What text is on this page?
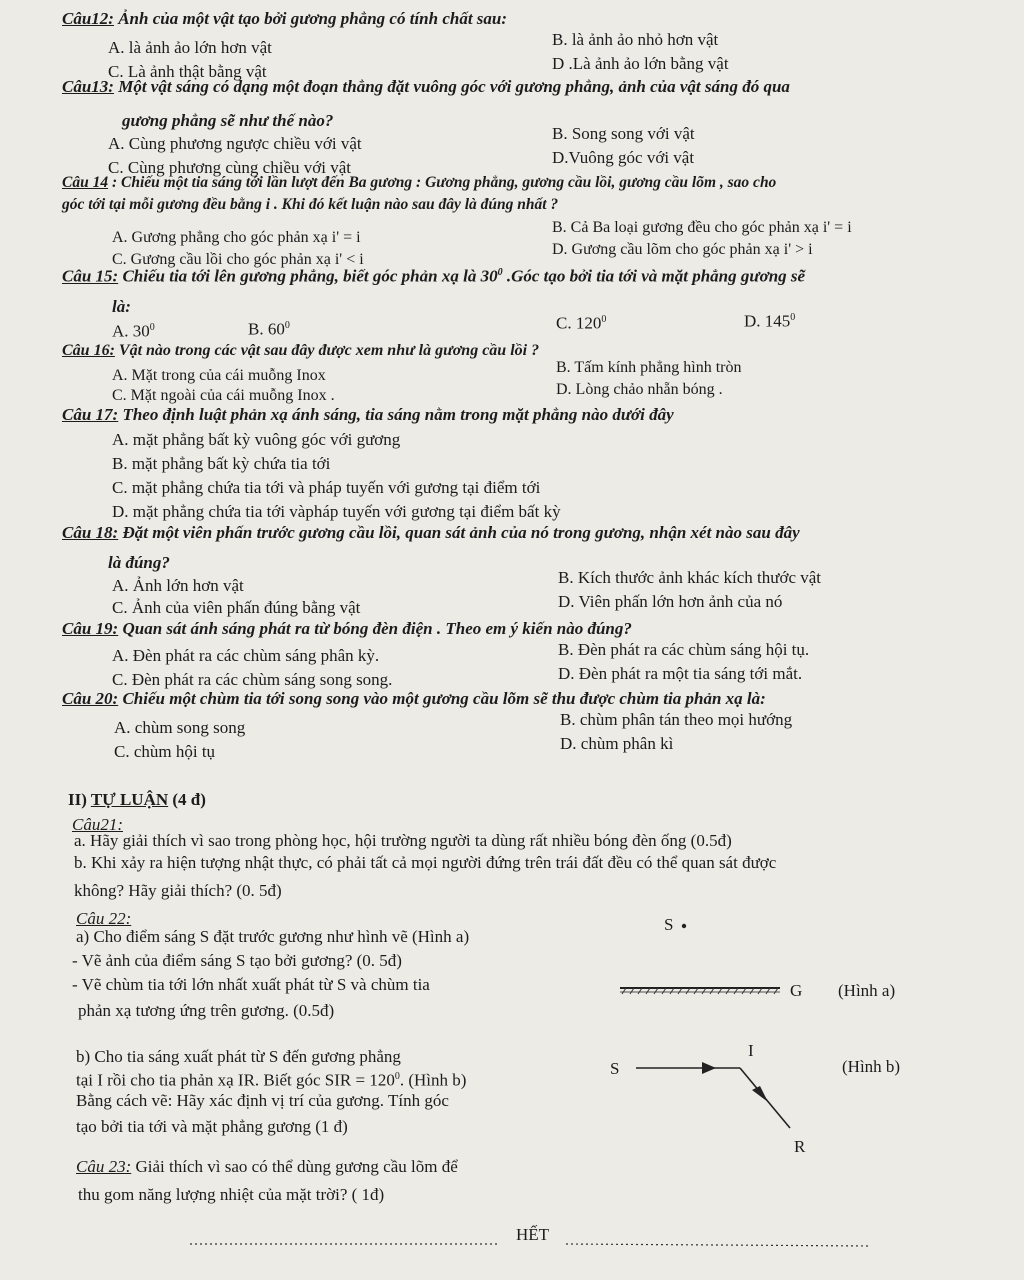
Câu12: Ảnh của một vật tạo bởi gương phẳng có tính chất sau:
A. là ảnh ảo lớn hơn vật	B. là ảnh ảo nhỏ hơn vật
C. Là ảnh thật bằng vật	D .Là ảnh ảo lớn bằng vật
Câu13: Một vật sáng có dạng một đoạn thẳng đặt vuông góc với gương phẳng, ảnh của vật sáng đó qua
gương phẳng sẽ như thế nào?
A. Cùng phương ngược chiều với vật
B. Song song với vật
C. Cùng phương cùng chiều với vật
D.Vuông góc với vật
Câu 14 : Chiếu một tia sáng tới lần lượt đến Ba gương : Gương phẳng, gương cầu lồi, gương cầu lõm , sao cho
góc tới tại mỗi gương đều bằng i . Khi đó kết luận nào sau đây là đúng nhất ?
A. Gương phẳng cho góc phản xạ i' = i
B. Cả Ba loại gương đều cho góc phản xạ i' = i
C. Gương cầu lồi cho góc phản xạ i' < i
D. Gương cầu lõm cho góc phản xạ i' > i
Câu 15: Chiếu tia tới lên gương phẳng, biết góc phản xạ là $30^0$ .Góc tạo bởi tia tới và mặt phẳng gương sẽ
là:
A. $30^0$	B. $60^0$	C. $120^0$	D. $145^0$
Câu 16: Vật nào trong các vật sau đây được xem như là gương cầu lồi ?
A. Mặt trong của cái muỗng Inox	B. Tấm kính phẳng hình tròn
C. Mặt ngoài của cái muỗng Inox .	D. Lòng chảo nhẵn bóng .
Câu 17: Theo định luật phản xạ ánh sáng, tia sáng nằm trong mặt phẳng nào dưới đây
A. mặt phẳng bất kỳ vuông góc với gương
B. mặt phẳng bất kỳ chứa tia tới
C. mặt phẳng chứa tia tới và pháp tuyến với gương tại điểm tới
D. mặt phẳng chứa tia tới vàpháp tuyến với gương tại điểm bất kỳ
Câu 18: Đặt một viên phấn trước gương cầu lồi, quan sát ảnh của nó trong gương, nhận xét nào sau đây
là đúng?
A. Ảnh lớn hơn vật	B. Kích thước ảnh khác kích thước vật
C. Ảnh của viên phấn đúng bằng vật	D. Viên phấn lớn hơn ảnh của nó
Câu 19: Quan sát ánh sáng phát ra từ bóng đèn điện . Theo em ý kiến nào đúng?
A. Đèn phát ra các chùm sáng phân kỳ.	B. Đèn phát ra các chùm sáng hội tụ.
C. Đèn phát ra các chùm sáng song song.	D. Đèn phát ra một tia sáng tới mắt.
Câu 20: Chiếu một chùm tia tới song song vào một gương cầu lõm sẽ thu được chùm tia phản xạ là:
A. chùm song song	B. chùm phân tán theo mọi hướng
C. chùm hội tụ	D. chùm phân kì
II) TỰ LUẬN (4 đ)
Câu21:
a. Hãy giải thích vì sao trong phòng học, hội trường người ta dùng rất nhiều bóng đèn ống (0.5đ)
b. Khi xảy ra hiện tượng nhật thực, có phải tất cả mọi người đứng trên trái đất đều có thể quan sát được
không? Hãy giải thích? (0. 5đ)
Câu 22:
a) Cho điểm sáng S đặt trước gương như hình vẽ (Hình a)
- Vẽ ảnh của điểm sáng S tạo bởi gương? (0. 5đ)
- Vẽ chùm tia tới lớn nhất xuất phát từ S và chùm tia
phản xạ tương ứng trên gương. (0.5đ)
b) Cho tia sáng xuất phát từ S đến gương phẳng
tại I rồi cho tia phản xạ IR. Biết góc SIR = $120^0$. (Hình b)
Bằng cách vẽ: Hãy xác định vị trí của gương. Tính góc
tạo bởi tia tới và mặt phẳng gương (1 đ)
S
G (Hình a)
S
I
R
(Hình b)
Câu 23: Giải thích vì sao có thể dùng gương cầu lõm để
thu gom năng lượng nhiệt của mặt trời? ( 1đ)
HẾT
